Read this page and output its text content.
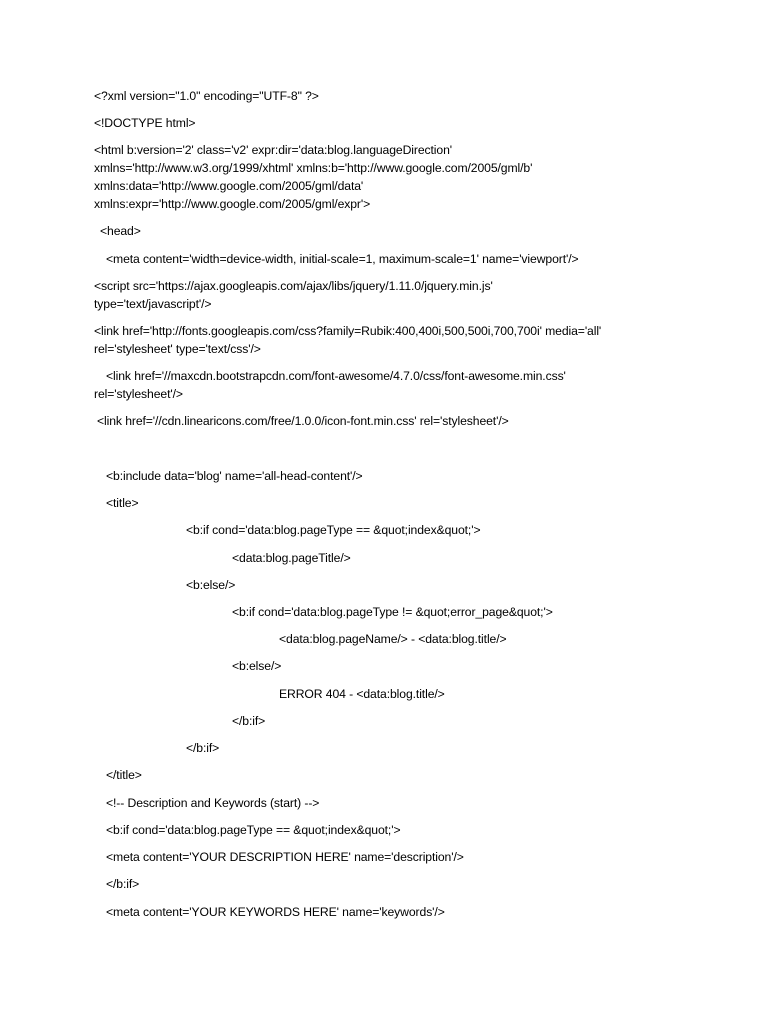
<?xml version="1.0" encoding="UTF-8" ?>
<!DOCTYPE html>
<html b:version='2' class='v2' expr:dir='data:blog.languageDirection'
xmlns='http://www.w3.org/1999/xhtml' xmlns:b='http://www.google.com/2005/gml/b'
xmlns:data='http://www.google.com/2005/gml/data'
xmlns:expr='http://www.google.com/2005/gml/expr'>
<head>
<meta content='width=device-width, initial-scale=1, maximum-scale=1' name='viewport'/>
<script src='https://ajax.googleapis.com/ajax/libs/jquery/1.11.0/jquery.min.js'
type='text/javascript'/>
<link href='http://fonts.googleapis.com/css?family=Rubik:400,400i,500,500i,700,700i' media='all'
rel='stylesheet' type='text/css'/>
<link href='//maxcdn.bootstrapcdn.com/font-awesome/4.7.0/css/font-awesome.min.css'
rel='stylesheet'/>
<link href='//cdn.linearicons.com/free/1.0.0/icon-font.min.css' rel='stylesheet'/>
<b:include data='blog' name='all-head-content'/>
<title>
<b:if cond='data:blog.pageType == &quot;index&quot;'>
<data:blog.pageTitle/>
<b:else/>
<b:if cond='data:blog.pageType != &quot;error_page&quot;'>
<data:blog.pageName/> - <data:blog.title/>
<b:else/>
ERROR 404 - <data:blog.title/>
</b:if>
</b:if>
</title>
<!-- Description and Keywords (start) -->
<b:if cond='data:blog.pageType == &quot;index&quot;'>
<meta content='YOUR DESCRIPTION HERE' name='description'/>
</b:if>
<meta content='YOUR KEYWORDS HERE' name='keywords'/>
